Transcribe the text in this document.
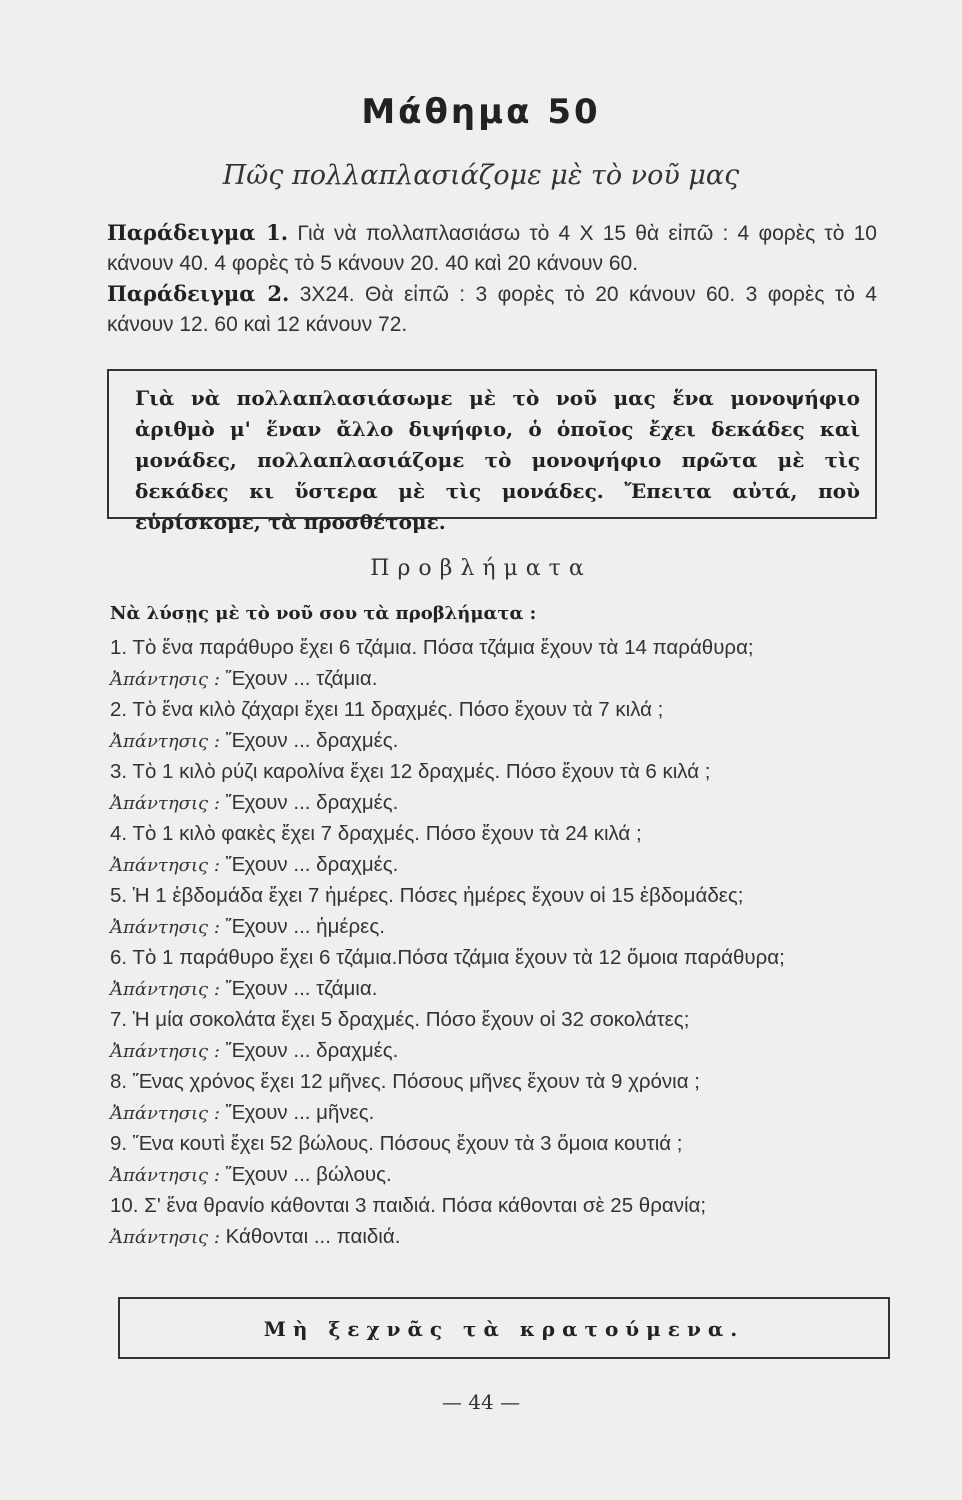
Μάθημα 50
Πῶς πολλαπλασιάζομε μὲ τὸ νοῦ μας

Παράδειγμα 1. Γιὰ νὰ πολλαπλασιάσω τὸ 4 X 15 θὰ εἰπῶ : 4 φορὲς τὸ 10 κάνουν 40. 4 φορὲς τὸ 5 κάνουν 20. 40 καὶ 20 κάνουν 60.

Παράδειγμα 2. 3X24. Θὰ εἰπῶ : 3 φορὲς τὸ 20 κάνουν 60. 3 φορὲς τὸ 4 κάνουν 12. 60 καὶ 12 κάνουν 72.

Γιὰ νὰ πολλαπλασιάσωμε μὲ τὸ νοῦ μας ἕνα μονοψήφιο ἀριθμὸ μ' ἕναν ἄλλο διψήφιο, ὁ ὁποῖος ἔχει δεκάδες καὶ μονάδες, πολλαπλασιάζομε τὸ μονοψήφιο πρῶτα μὲ τὶς δεκάδες κι ὕστερα μὲ τὶς μονάδες. Ἔπειτα αὐτά, ποὺ εὑρίσκομε, τὰ προσθέτομε.
Προβλήματα
Νὰ λύσῃς μὲ τὸ νοῦ σου τὰ προβλήματα :
1. Τὸ ἕνα παράθυρο ἔχει 6 τζάμια. Πόσα τζάμια ἔχουν τὰ 14 παράθυρα;
Ἀπάντησις : Ἔχουν ... τζάμια.
2. Τὸ ἕνα κιλὸ ζάχαρι ἔχει 11 δραχμές. Πόσο ἔχουν τὰ 7 κιλά ;
Ἀπάντησις : Ἔχουν ... δραχμές.
3. Τὸ 1 κιλὸ ρύζι καρολίνα ἔχει 12 δραχμές. Πόσο ἔχουν τὰ 6 κιλά ;
Ἀπάντησις : Ἔχουν ... δραχμές.
4. Τὸ 1 κιλὸ φακὲς ἔχει 7 δραχμές. Πόσο ἔχουν τὰ 24 κιλά ;
Ἀπάντησις : Ἔχουν ... δραχμές.
5. Ἡ 1 ἑβδομάδα ἔχει 7 ἡμέρες. Πόσες ἡμέρες ἔχουν οἱ 15 ἑβδομάδες;
Ἀπάντησις : Ἔχουν ... ἡμέρες.
6. Τὸ 1 παράθυρο ἔχει 6 τζάμια.Πόσα τζάμια ἔχουν τὰ 12 ὅμοια παράθυρα;
Ἀπάντησις : Ἔχουν ... τζάμια.
7. Ἡ μία σοκολάτα ἔχει 5 δραχμές. Πόσο ἔχουν οἱ 32 σοκολάτες;
Ἀπάντησις : Ἔχουν ... δραχμές.
8. Ἕνας χρόνος ἔχει 12 μῆνες. Πόσους μῆνες ἔχουν τὰ 9 χρόνια ;
Ἀπάντησις : Ἔχουν ... μῆνες.
9. Ἕνα κουτὶ ἔχει 52 βώλους. Πόσους ἔχουν τὰ 3 ὅμοια κουτιά ;
Ἀπάντησις : Ἔχουν ... βώλους.
10. Σ' ἕνα θρανίο κάθονται 3 παιδιά. Πόσα κάθονται σὲ 25 θρανία;
Ἀπάντησις : Κάθονται ... παιδιά.
Μὴ ξεχνᾶς τὰ κρατούμενα.
— 44 —
